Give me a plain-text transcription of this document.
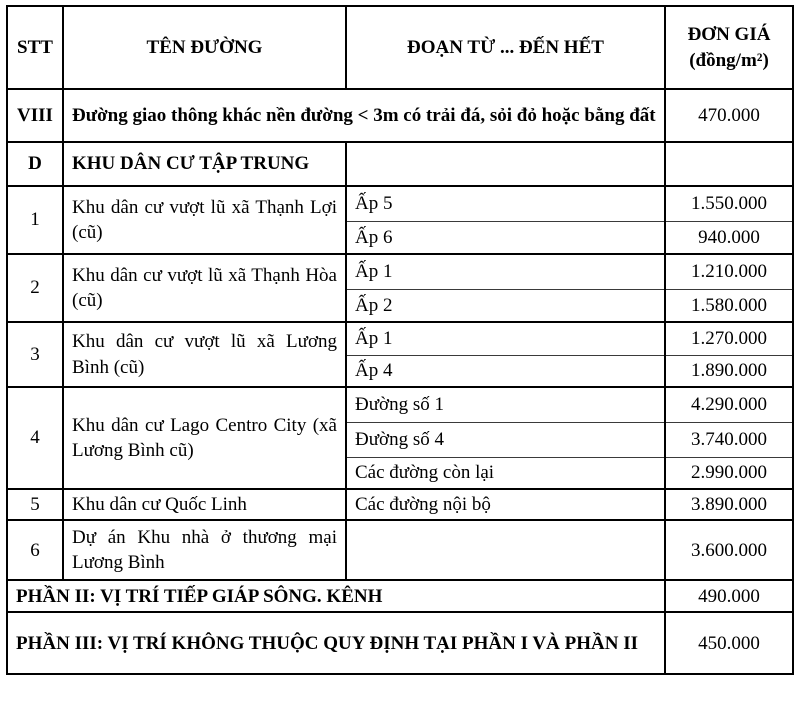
STT	TÊN ĐƯỜNG	ĐOẠN TỪ ... ĐẾN HẾT	ĐƠN GIÁ
(đồng/m²)

VIII	Đường giao thông khác nền đường < 3m có trải đá, sỏi đỏ hoặc bằng đất		470.000
D	KHU DÂN CƯ TẬP TRUNG		
1	Khu dân cư vượt lũ xã Thạnh Lợi (cũ)	Ấp 5	1.550.000
		Ấp 6	940.000
2	Khu dân cư vượt lũ xã Thạnh Hòa (cũ)	Ấp 1	1.210.000
		Ấp 2	1.580.000
3	Khu dân cư vượt lũ xã Lương Bình (cũ)	Ấp 1	1.270.000
		Ấp 4	1.890.000
4	Khu dân cư Lago Centro City (xã Lương Bình cũ)	Đường số 1	4.290.000
		Đường số 4	3.740.000
		Các đường còn lại	2.990.000
5	Khu dân cư Quốc Linh	Các đường nội bộ	3.890.000
6	Dự án Khu nhà ở thương mại Lương Bình		3.600.000
PHẦN II: VỊ TRÍ TIẾP GIÁP SÔNG. KÊNH			490.000
PHẦN III: VỊ TRÍ KHÔNG THUỘC QUY ĐỊNH TẠI PHẦN I VÀ PHẦN II			450.000
